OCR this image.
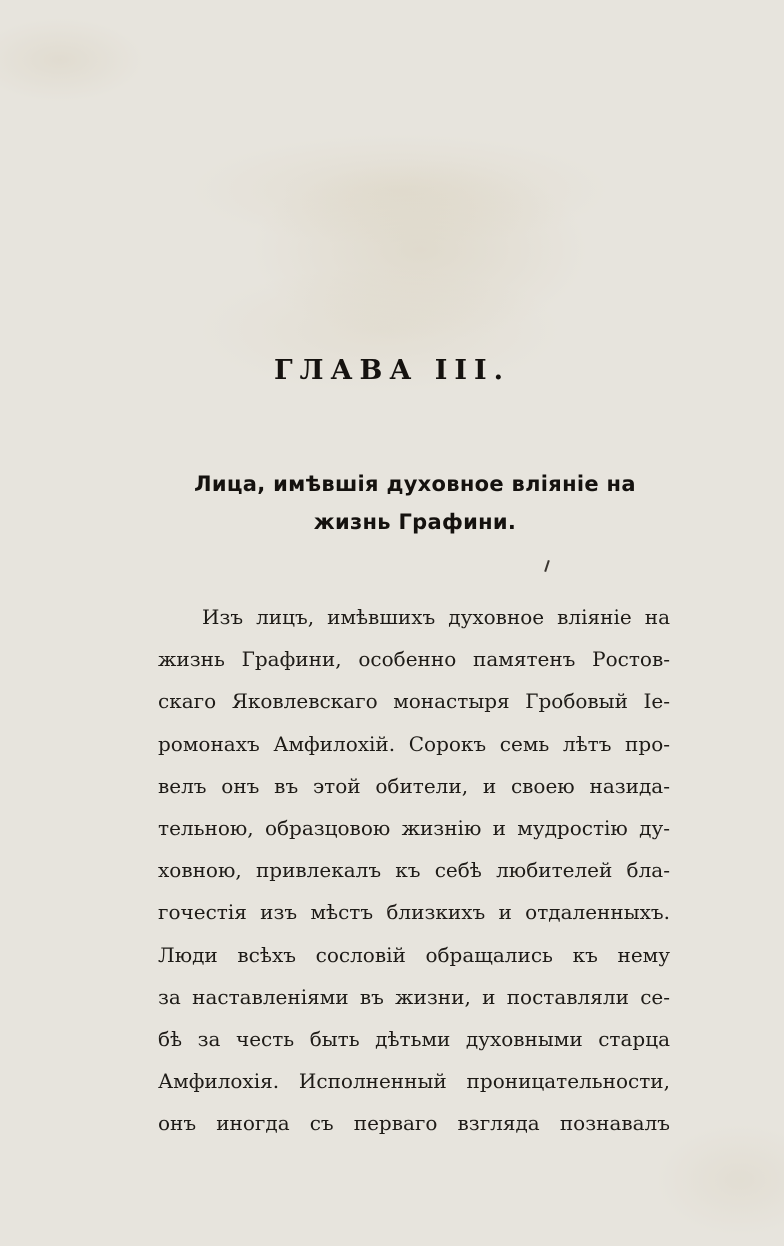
ГЛАВА III.
Лица, имѣвшія духовное вліяніе на
жизнь Графини.
Изъ лицъ, имѣвшихъ духовное вліяніе на
жизнь Графини, особенно памятенъ Ростов-
скаго Яковлевскаго монастыря Гробовый Іе-
ромонахъ Амфилохій. Сорокъ семь лѣтъ про-
велъ онъ въ этой обители, и своею назида-
тельною, образцовою жизнію и мудростію ду-
ховною, привлекалъ къ себѣ любителей бла-
гочестія изъ мѣстъ близкихъ и отдаленныхъ.
Люди всѣхъ сословій обращались къ нему
за наставленіями въ жизни, и поставляли се-
бѣ за честь быть дѣтьми духовными старца
Амфилохія. Исполненный проницательности,
онъ иногда съ перваго взгляда познавалъ
